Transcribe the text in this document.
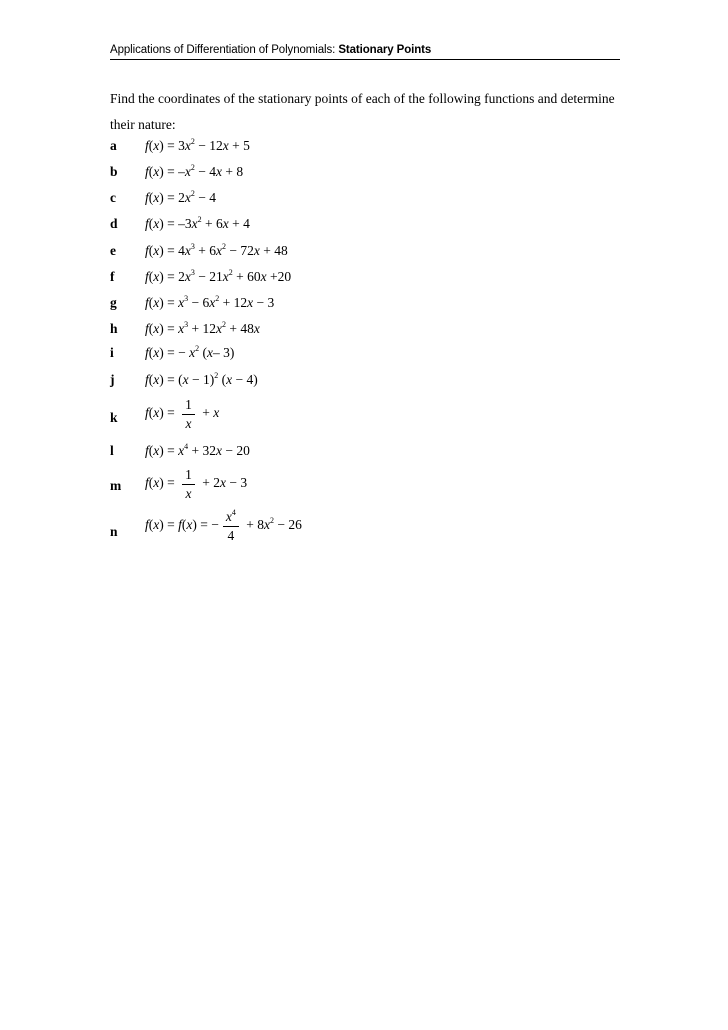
Applications of Differentiation of Polynomials: Stationary Points
Find the coordinates of the stationary points of each of the following functions and determine their nature:
a $f(x) = 3x^2 - 12x + 5$
b $f(x) = -x^2 - 4x + 8$
c $f(x) = 2x^2 - 4$
d $f(x) = -3x^2 + 6x + 4$
e $f(x) = 4x^3 + 6x^2 - 72x + 48$
f $f(x) = 2x^3 - 21x^2 + 60x +20$
g $f(x) = x^3 - 6x^2 + 12x - 3$
h $f(x) = x^3 + 12x^2 + 48x$
i f(x) = − $x^2$ (x– 3)
j $f(x) = (x - 1)^2$ (x − 4)
k $f(x) = \frac{1}{x} + x$
l $f(x) = x^4 + 32x - 20$
m $f(x) = \frac{1}{x} + 2x - 3$
n f(x) = f(x) = − $\frac{x^4}{4} + 8x^2 - 26$
